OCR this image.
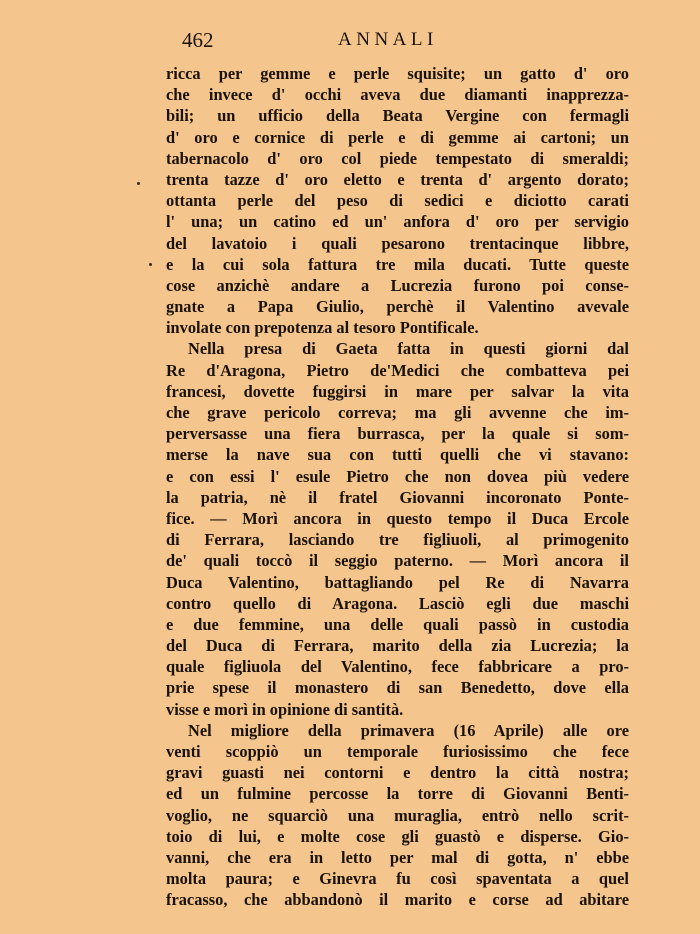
462	ANNALI
ricca per gemme e perle squisite; un gatto d' oro
che invece d' occhi aveva due diamanti inapprezza-
bili; un ufficio della Beata Vergine con fermagli
d' oro e cornice di perle e di gemme ai cartoni; un
tabernacolo d' oro col piede tempestato di smeraldi;
trenta tazze d' oro eletto e trenta d' argento dorato;
ottanta perle del peso di sedici e diciotto carati
l' una; un catino ed un' anfora d' oro per servigio
del lavatoio i quali pesarono trentacinque libbre,
e la cui sola fattura tre mila ducati. Tutte queste
cose anzichè andare a Lucrezia furono poi conse-
gnate a Papa Giulio, perchè il Valentino avevale
involate con prepotenza al tesoro Pontificale.
Nella presa di Gaeta fatta in questi giorni dal
Re d'Aragona, Pietro de'Medici che combatteva pei
francesi, dovette fuggirsi in mare per salvar la vita
che grave pericolo correva; ma gli avvenne che im-
perversasse una fiera burrasca, per la quale si som-
merse la nave sua con tutti quelli che vi stavano:
e con essi l' esule Pietro che non dovea più vedere
la patria, nè il fratel Giovanni incoronato Ponte-
fice. — Morì ancora in questo tempo il Duca Ercole
di Ferrara, lasciando tre figliuoli, al primogenito
de' quali toccò il seggio paterno. — Morì ancora il
Duca Valentino, battagliando pel Re di Navarra
contro quello di Aragona. Lasciò egli due maschi
e due femmine, una delle quali passò in custodia
del Duca di Ferrara, marito della zia Lucrezia; la
quale figliuola del Valentino, fece fabbricare a pro-
prie spese il monastero di san Benedetto, dove ella
visse e morì in opinione di santità.
Nel migliore della primavera (16 Aprile) alle ore
venti scoppiò un temporale furiosissimo che fece
gravi guasti nei contorni e dentro la città nostra;
ed un fulmine percosse la torre di Giovanni Benti-
voglio, ne squarciò una muraglia, entrò nello scrit-
toio di lui, e molte cose gli guastò e disperse. Gio-
vanni, che era in letto per mal di gotta, n' ebbe
molta paura; e Ginevra fu così spaventata a quel
fracasso, che abbandonò il marito e corse ad abitare
